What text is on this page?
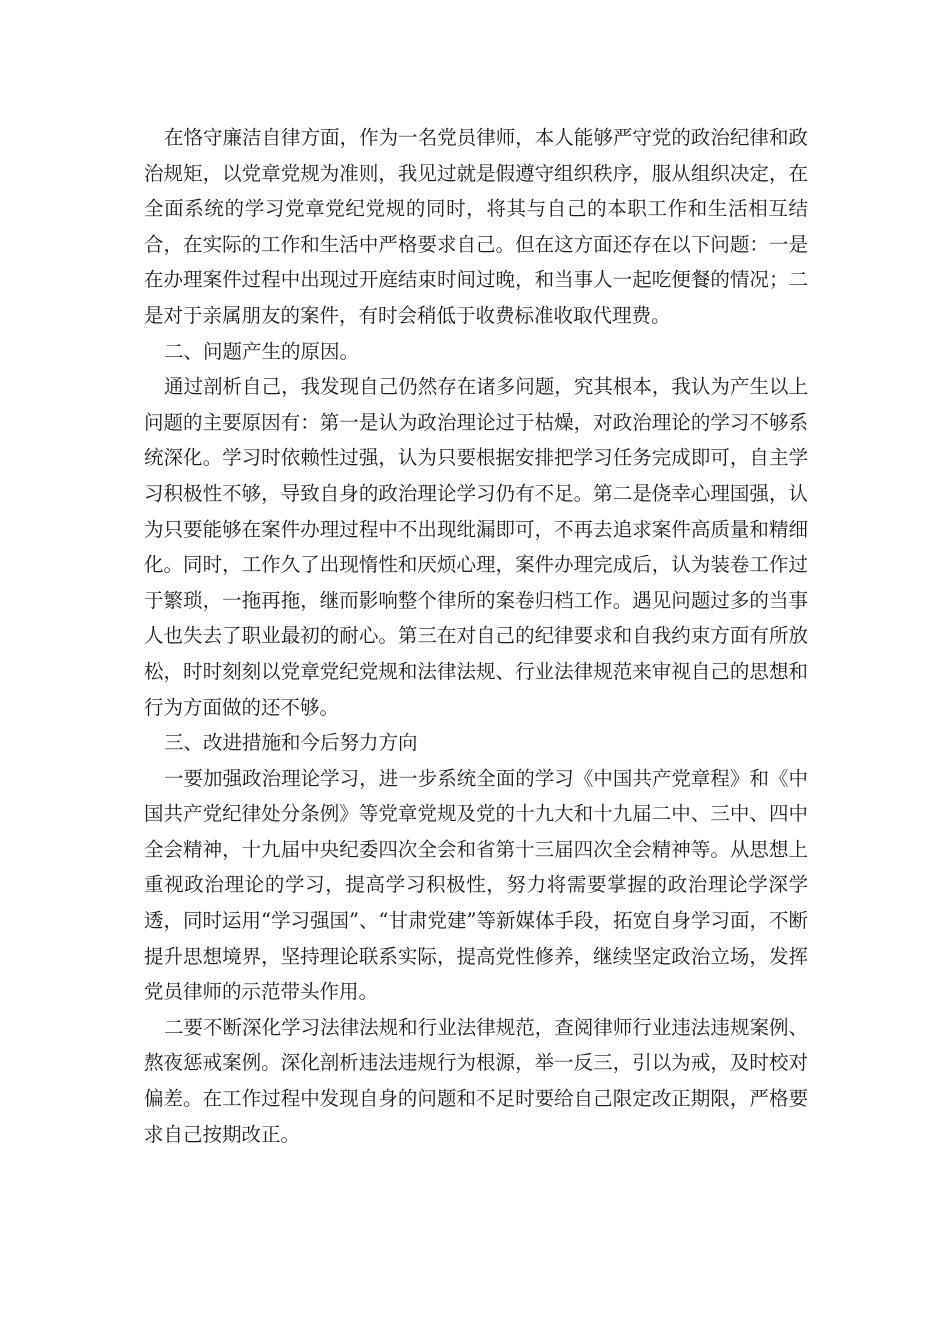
在恪守廉洁自律方面，作为一名党员律师，本人能够严守党的政治纪律和政治规矩，以党章党规为准则，我见过就是假遵守组织秩序，服从组织决定，在全面系统的学习党章党纪党规的同时，将其与自己的本职工作和生活相互结合，在实际的工作和生活中严格要求自己。但在这方面还存在以下问题：一是在办理案件过程中出现过开庭结束时间过晚，和当事人一起吃便餐的情况；二是对于亲属朋友的案件，有时会稍低于收费标准收取代理费。

二、问题产生的原因。

通过剖析自己，我发现自己仍然存在诸多问题，究其根本，我认为产生以上问题的主要原因有：第一是认为政治理论过于枯燥，对政治理论的学习不够系统深化。学习时依赖性过强，认为只要根据安排把学习任务完成即可，自主学习积极性不够，导致自身的政治理论学习仍有不足。第二是侥幸心理国强，认为只要能够在案件办理过程中不出现纰漏即可，不再去追求案件高质量和精细化。同时，工作久了出现惰性和厌烦心理，案件办理完成后，认为装卷工作过于繁琐，一拖再拖，继而影响整个律所的案卷归档工作。遇见问题过多的当事人也失去了职业最初的耐心。第三在对自己的纪律要求和自我约束方面有所放松，时时刻刻以党章党纪党规和法律法规、行业法律规范来审视自己的思想和行为方面做的还不够。

三、改进措施和今后努力方向

一要加强政治理论学习，进一步系统全面的学习《中国共产党章程》和《中国共产党纪律处分条例》等党章党规及党的十九大和十九届二中、三中、四中全会精神，十九届中央纪委四次全会和省第十三届四次全会精神等。从思想上重视政治理论的学习，提高学习积极性，努力将需要掌握的政治理论学深学透，同时运用“学习强国”、“甘肃党建”等新媒体手段，拓宽自身学习面，不断提升思想境界，坚持理论联系实际，提高党性修养，继续坚定政治立场，发挥党员律师的示范带头作用。

二要不断深化学习法律法规和行业法律规范，查阅律师行业违法违规案例、熬夜惩戒案例。深化剖析违法违规行为根源，举一反三，引以为戒，及时校对偏差。在工作过程中发现自身的问题和不足时要给自己限定改正期限，严格要求自己按期改正。
